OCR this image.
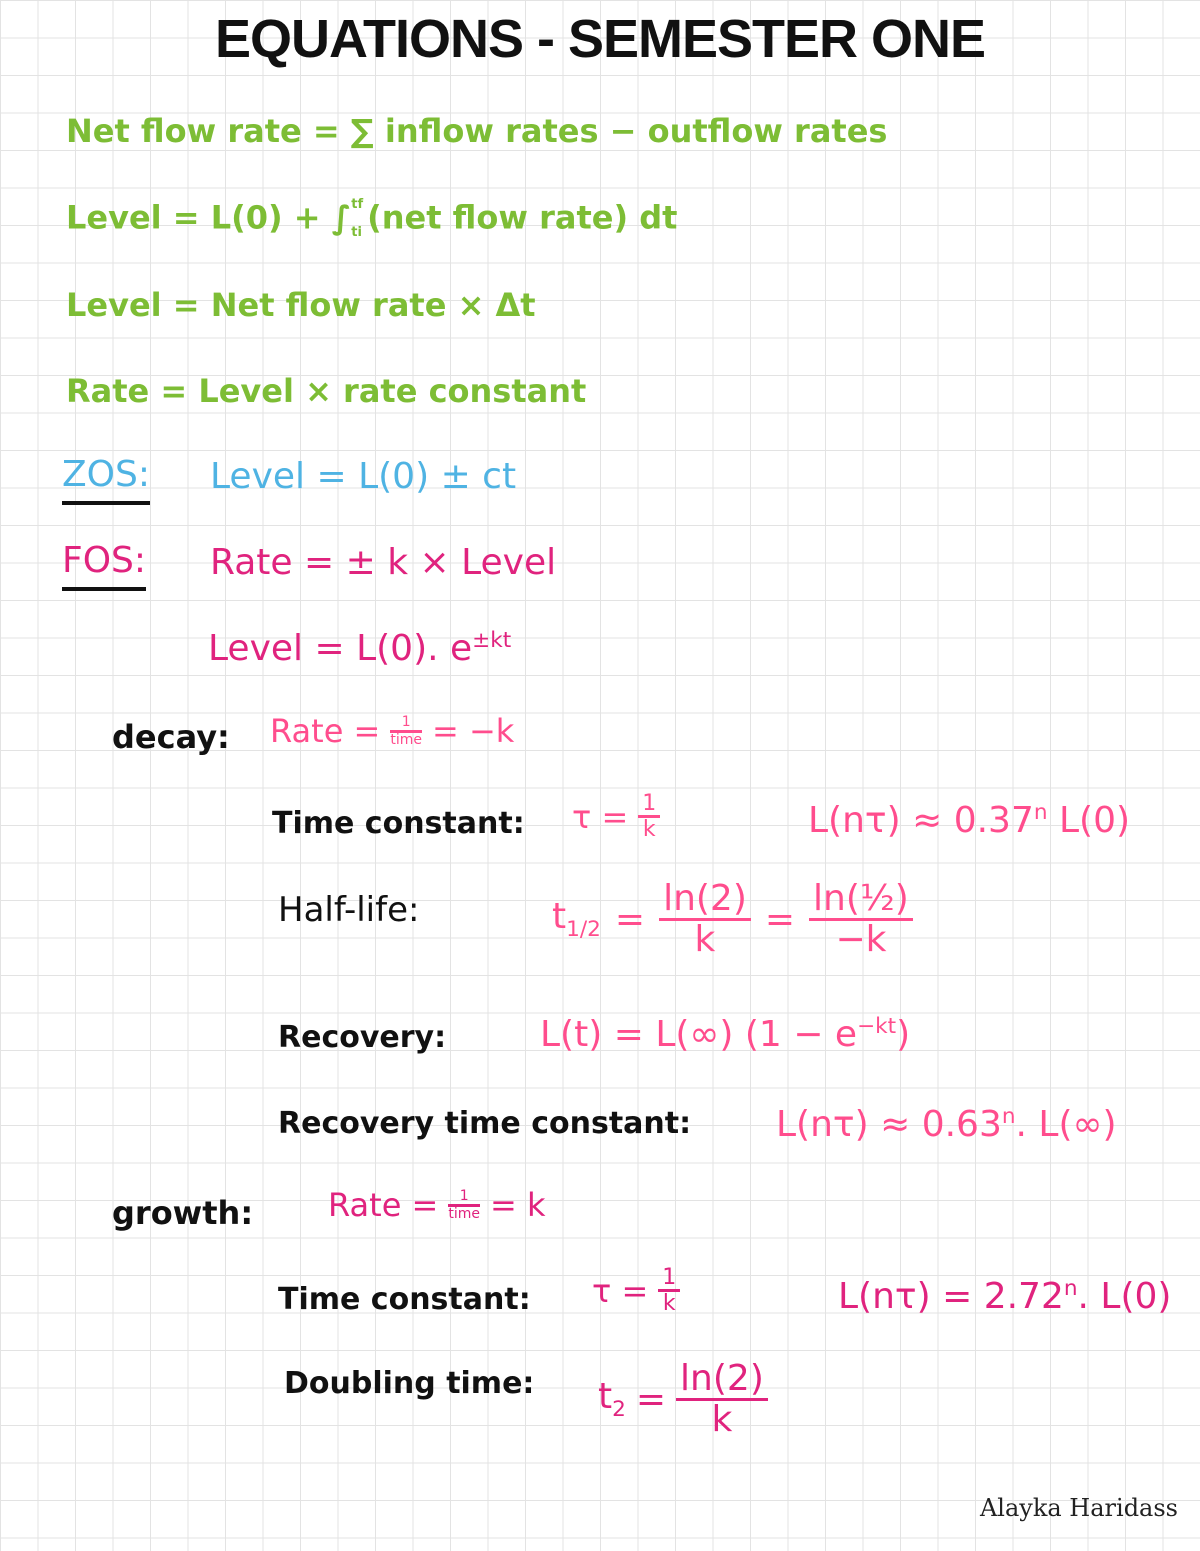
EQUATIONS - SEMESTER ONE
Net flow rate = ∑ inflow rates − outflow rates
Level = L(0) + ∫ tf
ti (net flow rate) dt
Level = Net flow rate × Δt
Rate = Level × rate constant
ZOS: Level = L(0) ± ct
FOS: Rate = ± k × Level
Level = L(0). $e^{\pm kt}$
decay: Rate = $\frac{1}{\text{time}} = -k$
Time constant: $\tau = \frac{1}{k}$	$L(n\tau) \approx 0.37^n$ L(0)
Half-life:	$t_{1/2} = \frac{\ln(2)}{k} = \frac{\text{ln(½)}}{-k}$
Recovery:	L(t) = L(∞) $(1 - e^{-kt})$
Recovery time constant: $L(n\tau) \approx 0.63^n$. L(∞)
growth: Rate = $\frac{1}{\text{time}} = k$
Time constant: $\tau = \frac{1}{k}$	$L(n\tau) = 2.72^n$. L(0)
Doubling time: $t_2 = \frac{\ln(2)}{k}$
Alayka Haridass
